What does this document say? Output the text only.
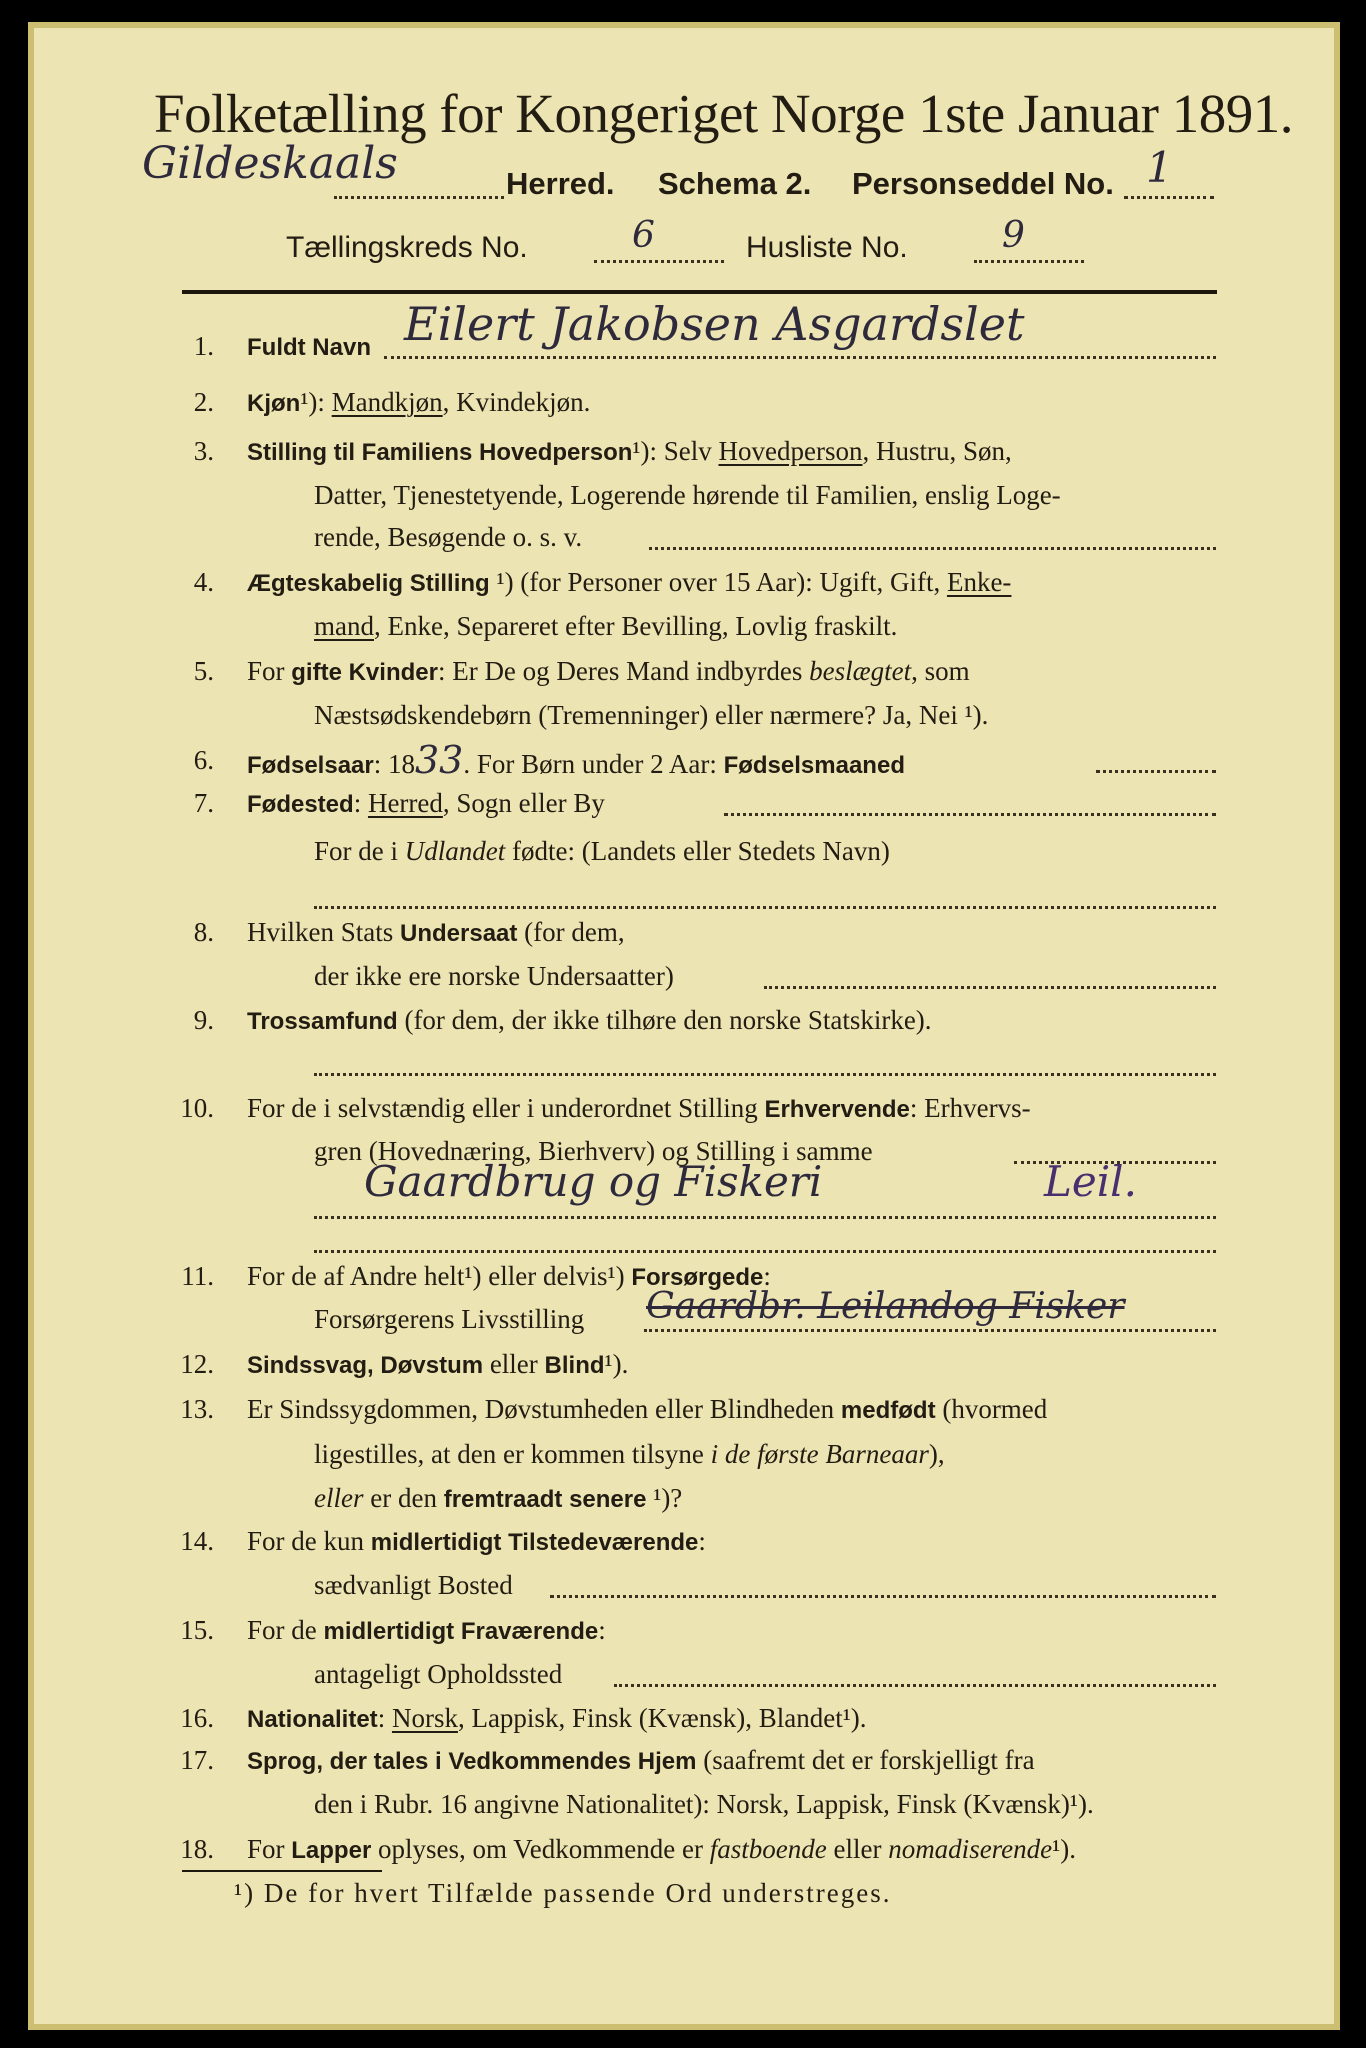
Folketælling for Kongeriget Norge 1ste Januar 1891.
Gildeskaals	Herred. Schema 2. Personseddel No. 1
Tællingskreds No.	6	Husliste No.	9
1. Fuldt Navn Eilert Jakobsen Asgardslet
2. Kjøn¹): Mandkjøn, Kvindekjøn.
3. Stilling til Familiens Hovedperson¹): Selv Hovedperson, Hustru, Søn,
Datter, Tjenestetyende, Logerende hørende til Familien, enslig Loge-
rende, Besøgende o. s. v.
4. Ægteskabelig Stilling ¹) (for Personer over 15 Aar): Ugift, Gift, Enke-
mand, Enke, Separeret efter Bevilling, Lovlig fraskilt.
5. For gifte Kvinder: Er De og Deres Mand indbyrdes beslægtet, som
Næstsødskendebørn (Tremenninger) eller nærmere? Ja, Nei ¹).
6. Fødselsaar: 1833. For Børn under 2 Aar: Fødselsmaaned
7. Fødested: Herred, Sogn eller By
For de i Udlandet fødte: (Landets eller Stedets Navn)
8. Hvilken Stats Undersaat (for dem,
der ikke ere norske Undersaatter)
9. Trossamfund (for dem, der ikke tilhøre den norske Statskirke).
10. For de i selvstændig eller i underordnet Stilling Erhvervende: Erhvervs-
gren (Hovednæring, Bierhverv) og Stilling i samme
Gaardbrug og Fiskeri	Leil.
11. For de af Andre helt¹) eller delvis¹) Forsørgede:
Forsørgerens Livsstilling Gaardbr. Leilandog Fisker
12. Sindssvag, Døvstum eller Blind¹).
13. Er Sindssygdommen, Døvstumheden eller Blindheden medfødt (hvormed
ligestilles, at den er kommen tilsyne i de første Barneaar),
eller er den fremtraadt senere ¹)?
14. For de kun midlertidigt Tilstedeværende:
sædvanligt Bosted
15. For de midlertidigt Fraværende:
antageligt Opholdssted
16. Nationalitet: Norsk, Lappisk, Finsk (Kvænsk), Blandet¹).
17. Sprog, der tales i Vedkommendes Hjem (saafremt det er forskjelligt fra
den i Rubr. 16 angivne Nationalitet): Norsk, Lappisk, Finsk (Kvænsk)¹).
18. For Lapper oplyses, om Vedkommende er fastboende eller nomadiserende¹).
¹) De for hvert Tilfælde passende Ord understreges.
